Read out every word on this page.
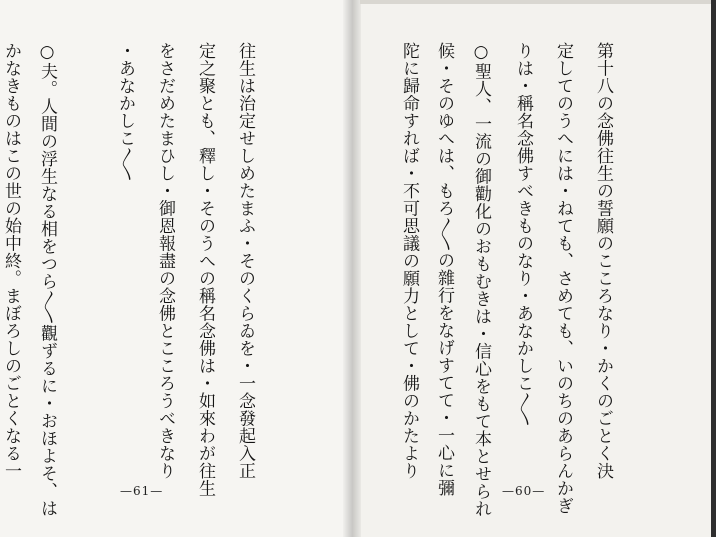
往生は治定せしめたまふ・そのくらゐを・一念發起入正
定之聚とも、釋し・そのうへの稱名念佛は・如來わが往生
をさだめたまひし・御恩報盡の念佛とこころうべきなり
・あなかしこ〳〵
○夫。人間の浮生なる相をつら〳〵觀ずるに・おほよそ、は
かなきものはこの世の始中終。まぼろしのごとくなる一
—61—
第十八の念佛往生の誓願のこころなり・かくのごとく決
定してのうへには・ねても、さめても、いのちのあらんかぎ
りは・稱名念佛すべきものなり・あなかしこ〳〵
○聖人、一流の御勸化のおもむきは・信心をもて本とせられ
候・そのゆへは、もろ〳〵の雜行をなげすてて・一心に彌
陀に歸命すれば・不可思議の願力として・佛のかたより
—60—
